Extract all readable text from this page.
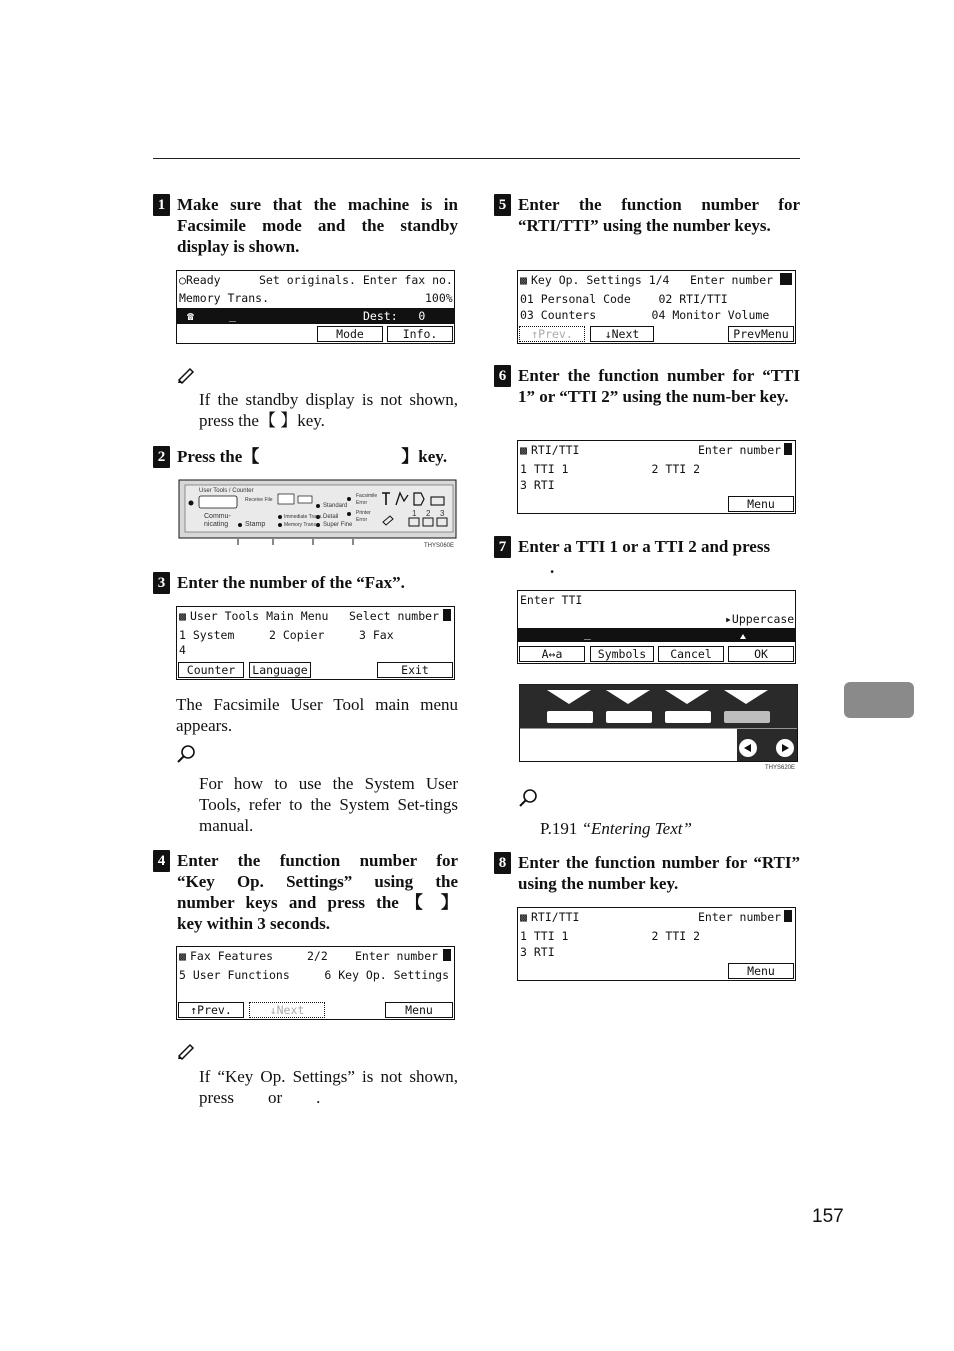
1 Make sure that the machine is in Facsimile mode and the standby display is shown.
○Ready	Set originals. Enter fax no.
Memory Trans.	100%
☎	_	Dest:   0
Mode	Info.
If the standby display is not shown, press the【 】key.
2 Press the【	】key.
User Tools / Counter
Receive File
Commu-
nicating	Stamp
Standard
Immediate Trans. Detail
Memory Trans. Super Fine
Facsimile Error
Printer Error
1 2 3
THYS060E
3 Enter the number of the “Fax”.
▩ User Tools Main Menu Select number
1 System     2 Copier     3 Fax
4
Counter	Language	Exit
The Facsimile User Tool main menu appears.
For how to use the System User Tools, refer to the System Set-tings manual.
4 Enter the function number for
“Key Op. Settings” using the
number keys and press the【 】
key within 3 seconds.
▩ Fax Features	2/2 Enter number
5 User Functions     6 Key Op. Settings
↑Prev.	↓Next	Menu
If “Key Op. Settings” is not shown, press        or        .
5 Enter the function number for “RTI/TTI” using the number keys.
▩ Key Op. Settings 1/4 Enter number
01 Personal Code    02 RTI/TTI
03 Counters        04 Monitor Volume
↑Prev.	↓Next	PrevMenu
6 Enter the function number for “TTI 1” or “TTI 2” using the num-ber key.
▩ RTI/TTI	Enter number
1 TTI 1            2 TTI 2
3 RTI
Menu
7 Enter a TTI 1 or a TTI 2 and press
.
Enter TTI
▸Uppercase
_
A↔a	Symbols	Cancel	OK
THYS620E
P.191 “Entering Text”
8 Enter the function number for “RTI” using the number key.
▩ RTI/TTI	Enter number
1 TTI 1            2 TTI 2
3 RTI
Menu
157
